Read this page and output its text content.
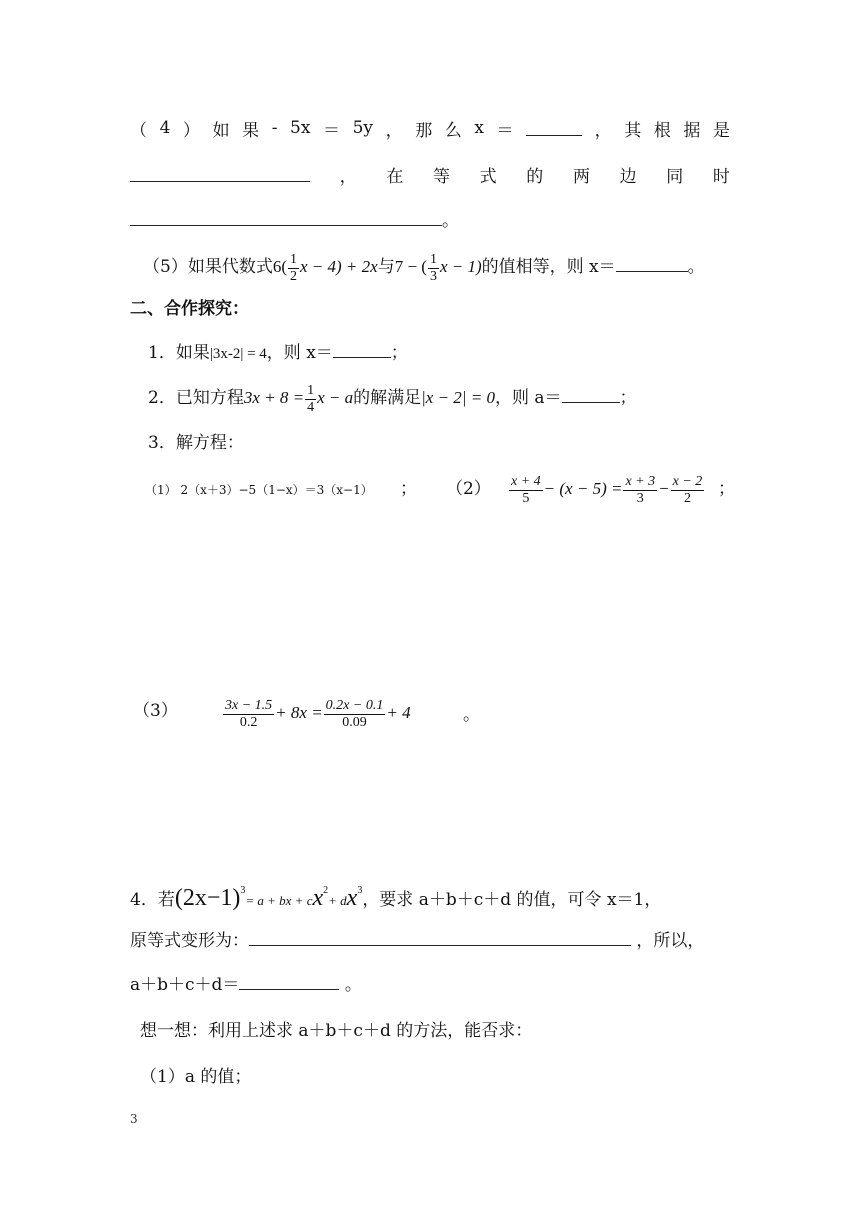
（ 4 ） 如 果 - 5x ＝ 5y ， 那 么 x ＝	， 其 根 据 是
， 在 等 式 的 两 边 同 时
。
（5）如果代数式$6( \frac{1}{2}$ x − 4) + 2x与7 − ( $\frac{1}{3}$ x − 1)的值相等，则 x＝	。
二、合作探究：
1．如果|3x-2| = 4，则 x＝	；
2．已知方程$3x + 8 = \frac{1}{4}$ x − a的解满足|x − 2| = 0，则 a＝	；
3．解方程：
（1） 2（x＋3）−5（1−x）＝3（x−1） ； $(2) \frac{x + 4}{5} - (x - 5) = \frac{x + 3}{3} - \frac{x - 2}{2}$ ；
（3）	$\frac{3x - 1.5}{0.2} + 8x = \frac{0.2x - 0.1}{0.09} + 4$	。
4．若$(2x-1)^3= a$ + bx + $cx^2+ dx^3$，要求 a＋b＋c＋d 的值，可令 x＝1，
原等式变形为：	，所以，
a＋b＋c＋d＝	。
想一想：利用上述求 a＋b＋c＋d 的方法，能否求：
（1）a 的值；
3
